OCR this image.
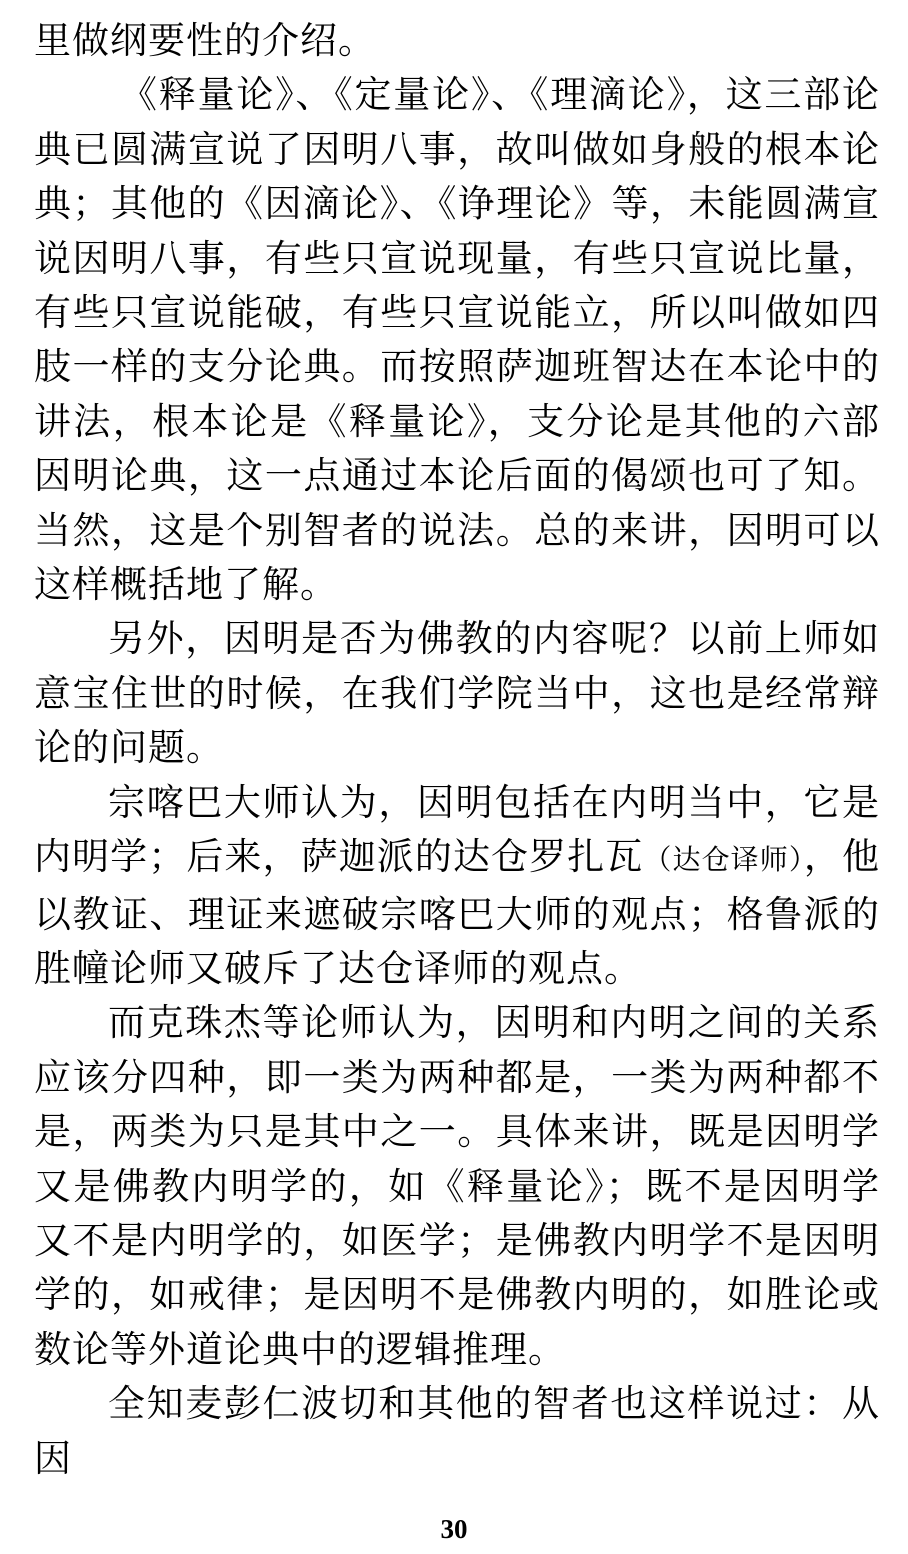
里做纲要性的介绍。

《释量论》、《定量论》、《理滴论》，这三部论典已圆满宣说了因明八事，故叫做如身般的根本论典；其他的《因滴论》、《诤理论》等，未能圆满宣说因明八事，有些只宣说现量，有些只宣说比量，有些只宣说能破，有些只宣说能立，所以叫做如四肢一样的支分论典。而按照萨迦班智达在本论中的讲法，根本论是《释量论》，支分论是其他的六部因明论典，这一点通过本论后面的偈颂也可了知。当然，这是个别智者的说法。总的来讲，因明可以这样概括地了解。

另外，因明是否为佛教的内容呢？以前上师如意宝住世的时候，在我们学院当中，这也是经常辩论的问题。

宗喀巴大师认为，因明包括在内明当中，它是内明学；后来，萨迦派的达仓罗扎瓦（达仓译师），他以教证、理证来遮破宗喀巴大师的观点；格鲁派的胜幢论师又破斥了达仓译师的观点。

而克珠杰等论师认为，因明和内明之间的关系应该分四种，即一类为两种都是，一类为两种都不是，两类为只是其中之一。具体来讲，既是因明学又是佛教内明学的，如《释量论》；既不是因明学又不是内明学的，如医学；是佛教内明学不是因明学的，如戒律；是因明不是佛教内明的，如胜论或数论等外道论典中的逻辑推理。

全知麦彭仁波切和其他的智者也这样说过：从因

30
